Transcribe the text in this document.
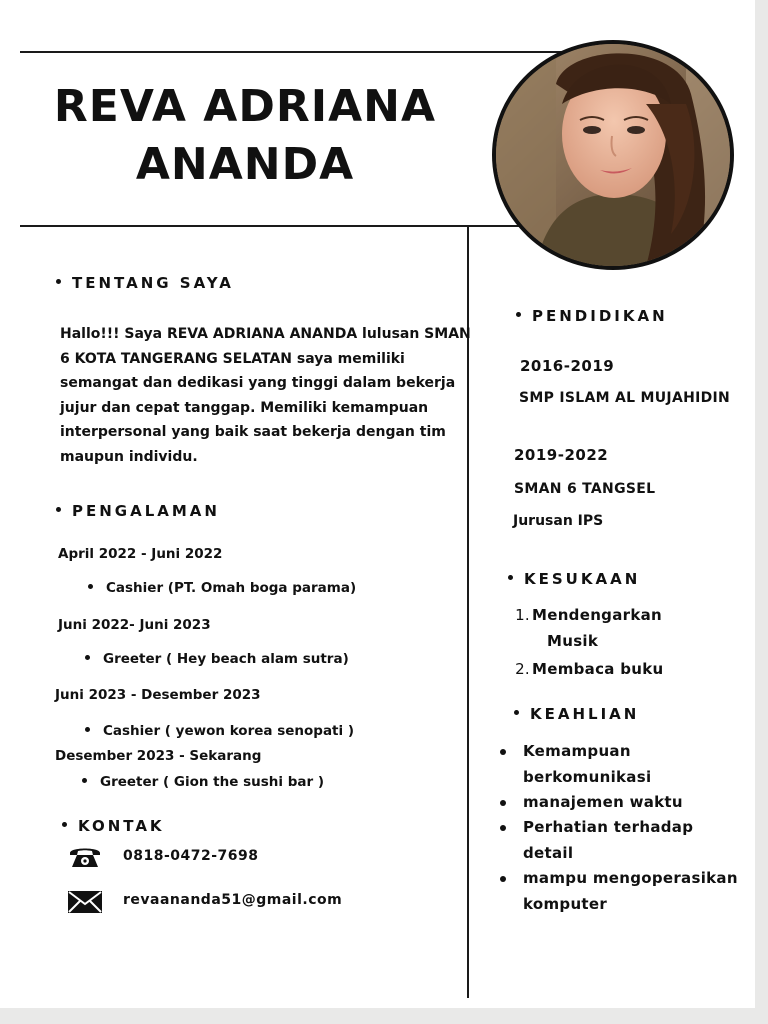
REVA ADRIANA
ANANDA
TENTANG SAYA
Hallo!!! Saya REVA ADRIANA ANANDA lulusan SMAN
6 KOTA TANGERANG SELATAN saya memiliki
semangat dan dedikasi yang tinggi dalam bekerja
jujur dan cepat tanggap. Memiliki kemampuan
interpersonal yang baik saat bekerja dengan tim
maupun individu.
PENGALAMAN
April 2022 - Juni 2022
Cashier (PT. Omah boga parama)
Juni 2022- Juni 2023
Greeter ( Hey beach alam sutra)
Juni 2023 - Desember 2023
Cashier ( yewon korea senopati )
Desember 2023 - Sekarang
Greeter ( Gion the sushi bar )
KONTAK
0818-0472-7698
revaananda51@gmail.com
PENDIDIKAN
2016-2019
SMP ISLAM AL MUJAHIDIN
2019-2022
SMAN 6 TANGSEL
Jurusan IPS
KESUKAAN
1. Mendengarkan
Musik
2. Membaca buku
KEAHLIAN
Kemampuan
berkomunikasi
manajemen waktu
Perhatian terhadap
detail
mampu mengoperasikan
komputer
